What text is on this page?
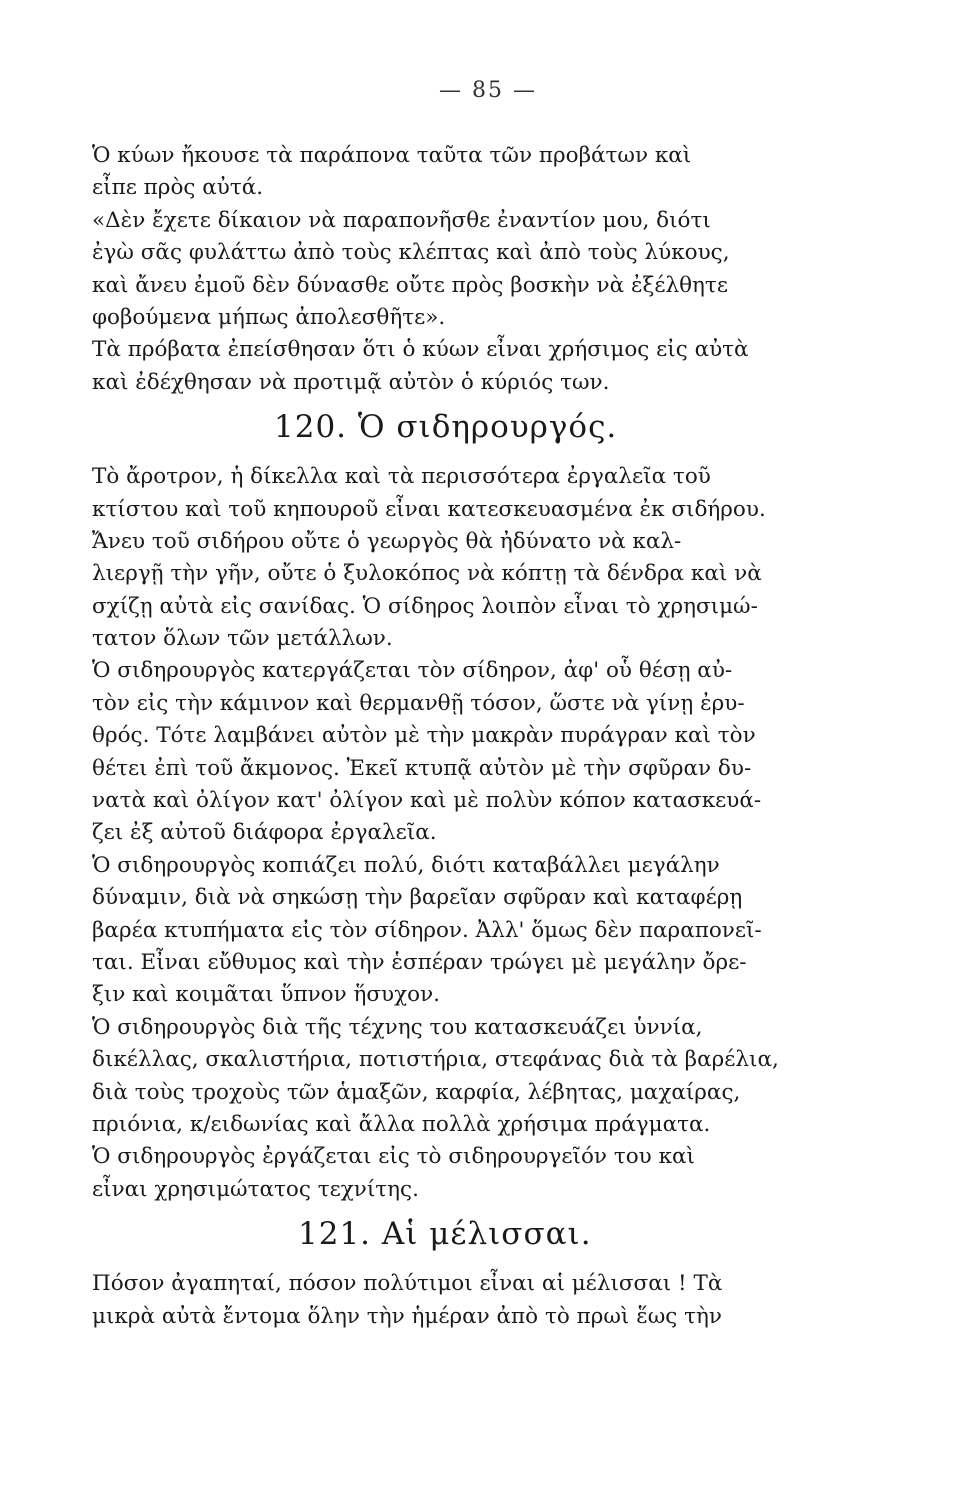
— 85 —
Ὁ κύων ἤκουσε τὰ παράπονα ταῦτα τῶν προβάτων καὶ
εἶπε πρὸς αὐτά.
«Δὲν ἔχετε δίκαιον νὰ παραπονῆσθε ἐναντίον μου, διότι
ἐγὼ σᾶς φυλάττω ἀπὸ τοὺς κλέπτας καὶ ἀπὸ τοὺς λύκους,
καὶ ἄνευ ἐμοῦ δὲν δύνασθε οὔτε πρὸς βοσκὴν νὰ ἐξέλθητε
φοβούμενα μήπως ἀπολεσθῆτε».
Τὰ πρόβατα ἐπείσθησαν ὅτι ὁ κύων εἶναι χρήσιμος εἰς αὐτὰ
καὶ ἐδέχθησαν νὰ προτιμᾷ αὐτὸν ὁ κύριός των.
120. Ὁ σιδηρουργός.
Τὸ ἄροτρον, ἡ δίκελλα καὶ τὰ περισσότερα ἐργαλεῖα τοῦ
κτίστου καὶ τοῦ κηπουροῦ εἶναι κατεσκευασμένα ἐκ σιδήρου.
Ἄνευ τοῦ σιδήρου οὔτε ὁ γεωργὸς θὰ ἠδύνατο νὰ καλ-
λιεργῇ τὴν γῆν, οὔτε ὁ ξυλοκόπος νὰ κόπτῃ τὰ δένδρα καὶ νὰ
σχίζῃ αὐτὰ εἰς σανίδας. Ὁ σίδηρος λοιπὸν εἶναι τὸ χρησιμώ-
τατον ὅλων τῶν μετάλλων.
Ὁ σιδηρουργὸς κατεργάζεται τὸν σίδηρον, ἀφ' οὗ θέσῃ αὐ-
τὸν εἰς τὴν κάμινον καὶ θερμανθῇ τόσον, ὥστε νὰ γίνῃ ἐρυ-
θρός. Τότε λαμβάνει αὐτὸν μὲ τὴν μακρὰν πυράγραν καὶ τὸν
θέτει ἐπὶ τοῦ ἄκμονος. Ἐκεῖ κτυπᾷ αὐτὸν μὲ τὴν σφῦραν δυ-
νατὰ καὶ ὀλίγον κατ' ὀλίγον καὶ μὲ πολὺν κόπον κατασκευά-
ζει ἐξ αὐτοῦ διάφορα ἐργαλεῖα.
Ὁ σιδηρουργὸς κοπιάζει πολύ, διότι καταβάλλει μεγάλην
δύναμιν, διὰ νὰ σηκώσῃ τὴν βαρεῖαν σφῦραν καὶ καταφέρῃ
βαρέα κτυπήματα εἰς τὸν σίδηρον. Ἀλλ' ὅμως δὲν παραπονεῖ-
ται. Εἶναι εὔθυμος καὶ τὴν ἑσπέραν τρώγει μὲ μεγάλην ὄρε-
ξιν καὶ κοιμᾶται ὕπνον ἥσυχον.
Ὁ σιδηρουργὸς διὰ τῆς τέχνης του κατασκευάζει ὑννία,
δικέλλας, σκαλιστήρια, ποτιστήρια, στεφάνας διὰ τὰ βαρέλια,
διὰ τοὺς τροχοὺς τῶν ἁμαξῶν, καρφία, λέβητας, μαχαίρας,
πριόνια, κ/ειδωνίας καὶ ἄλλα πολλὰ χρήσιμα πράγματα.
Ὁ σιδηρουργὸς ἐργάζεται εἰς τὸ σιδηρουργεῖόν του καὶ
εἶναι χρησιμώτατος τεχνίτης.
121. Αἱ μέλισσαι.
Πόσον ἀγαπηταί, πόσον πολύτιμοι εἶναι αἱ μέλισσαι ! Τὰ
μικρὰ αὐτὰ ἔντομα ὅλην τὴν ἡμέραν ἀπὸ τὸ πρωὶ ἕως τὴν
